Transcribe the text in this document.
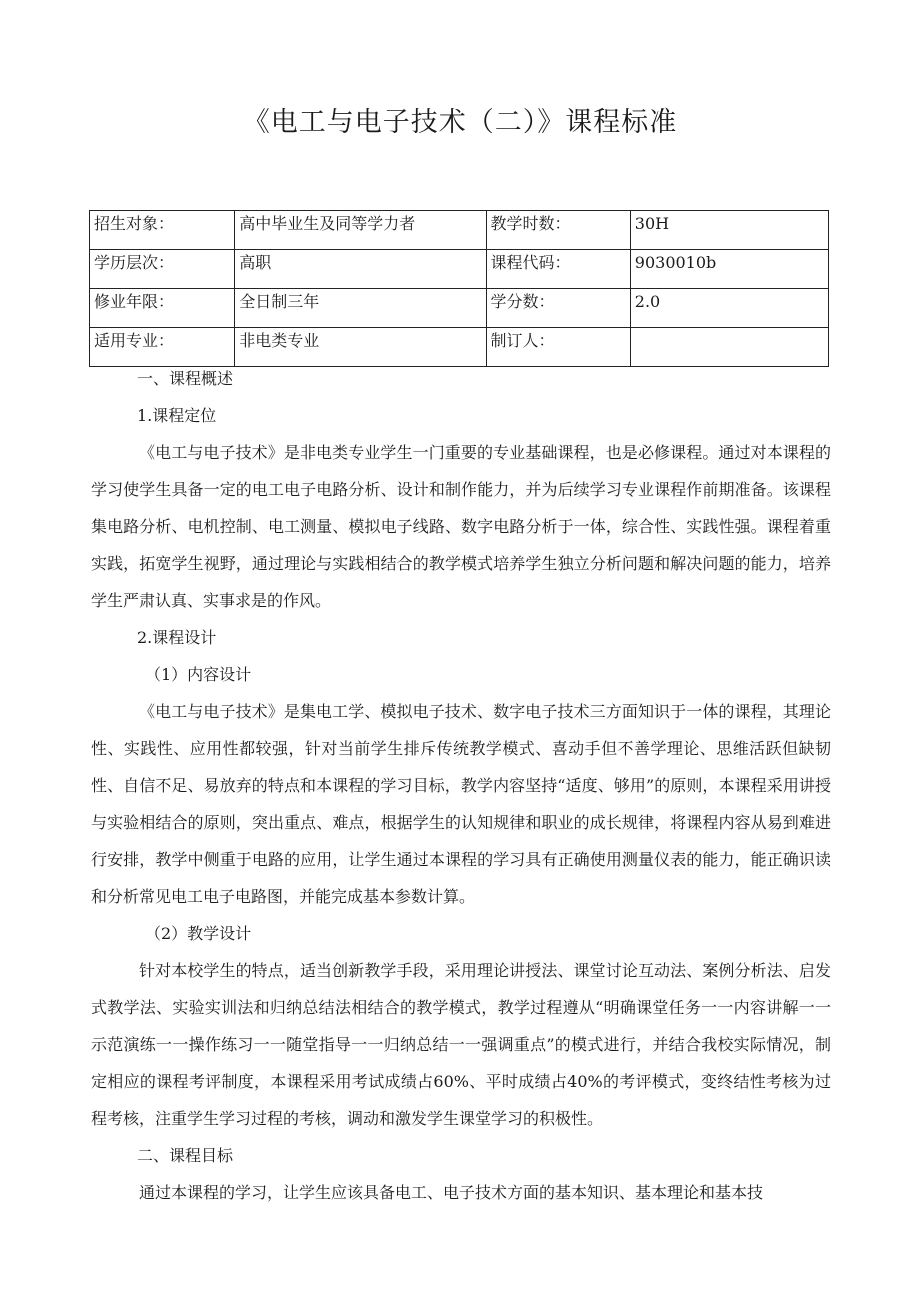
《电工与电子技术（二）》课程标准
招生对象：	高中毕业生及同等学力者	教学时数：	30H
学历层次：	高职	课程代码：	9030010b
修业年限：	全日制三年	学分数：	2.0
适用专业：	非电类专业	制订人：	

一、课程概述

1.课程定位

《电工与电子技术》是非电类专业学生一门重要的专业基础课程，也是必修课程。通过对本课程的学习使学生具备一定的电工电子电路分析、设计和制作能力，并为后续学习专业课程作前期准备。该课程集电路分析、电机控制、电工测量、模拟电子线路、数字电路分析于一体，综合性、实践性强。课程着重实践，拓宽学生视野，通过理论与实践相结合的教学模式培养学生独立分析问题和解决问题的能力，培养学生严肃认真、实事求是的作风。

2.课程设计

（1）内容设计

《电工与电子技术》是集电工学、模拟电子技术、数字电子技术三方面知识于一体的课程，其理论性、实践性、应用性都较强，针对当前学生排斥传统教学模式、喜动手但不善学理论、思维活跃但缺韧性、自信不足、易放弃的特点和本课程的学习目标，教学内容坚持“适度、够用”的原则，本课程采用讲授与实验相结合的原则，突出重点、难点，根据学生的认知规律和职业的成长规律，将课程内容从易到难进行安排，教学中侧重于电路的应用，让学生通过本课程的学习具有正确使用测量仪表的能力，能正确识读和分析常见电工电子电路图，并能完成基本参数计算。

（2）教学设计

针对本校学生的特点，适当创新教学手段，采用理论讲授法、课堂讨论互动法、案例分析法、启发式教学法、实验实训法和归纳总结法相结合的教学模式，教学过程遵从“明确课堂任务一一内容讲解一一示范演练一一操作练习一一随堂指导一一归纳总结一一强调重点”的模式进行，并结合我校实际情况，制定相应的课程考评制度，本课程采用考试成绩占60%、平时成绩占40%的考评模式，变终结性考核为过程考核，注重学生学习过程的考核，调动和激发学生课堂学习的积极性。

二、课程目标

通过本课程的学习，让学生应该具备电工、电子技术方面的基本知识、基本理论和基本技
